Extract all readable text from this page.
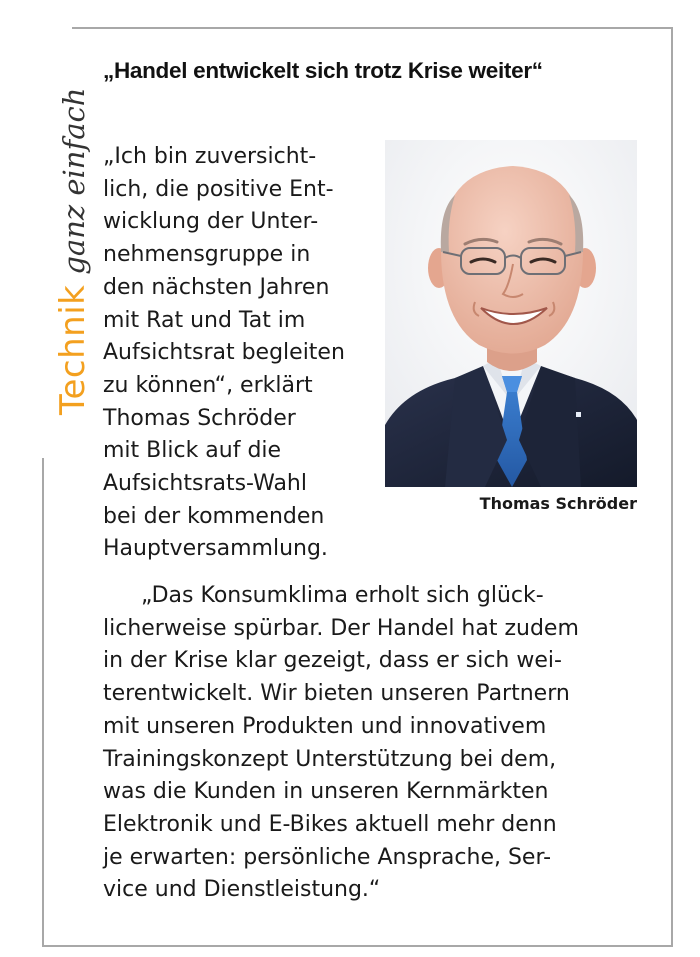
Technikganz einfach
„Handel entwickelt sich trotz Krise weiter“
„Ich bin zuversicht-
lich, die positive Ent-
wicklung der Unter-
nehmensgruppe in
den nächsten Jahren
mit Rat und Tat im
Aufsichtsrat begleiten
zu können“, erklärt
Thomas Schröder
mit Blick auf die
Aufsichtsrats-Wahl
bei der kommenden
Hauptversammlung.
Thomas Schröder
„Das Konsumklima erholt sich glück-
licherweise spürbar. Der Handel hat zudem
in der Krise klar gezeigt, dass er sich wei-
terentwickelt. Wir bieten unseren Partnern
mit unseren Produkten und innovativem
Trainingskonzept Unterstützung bei dem,
was die Kunden in unseren Kernmärkten
Elektronik und E-Bikes aktuell mehr denn
je erwarten: persönliche Ansprache, Ser-
vice und Dienstleistung.“
